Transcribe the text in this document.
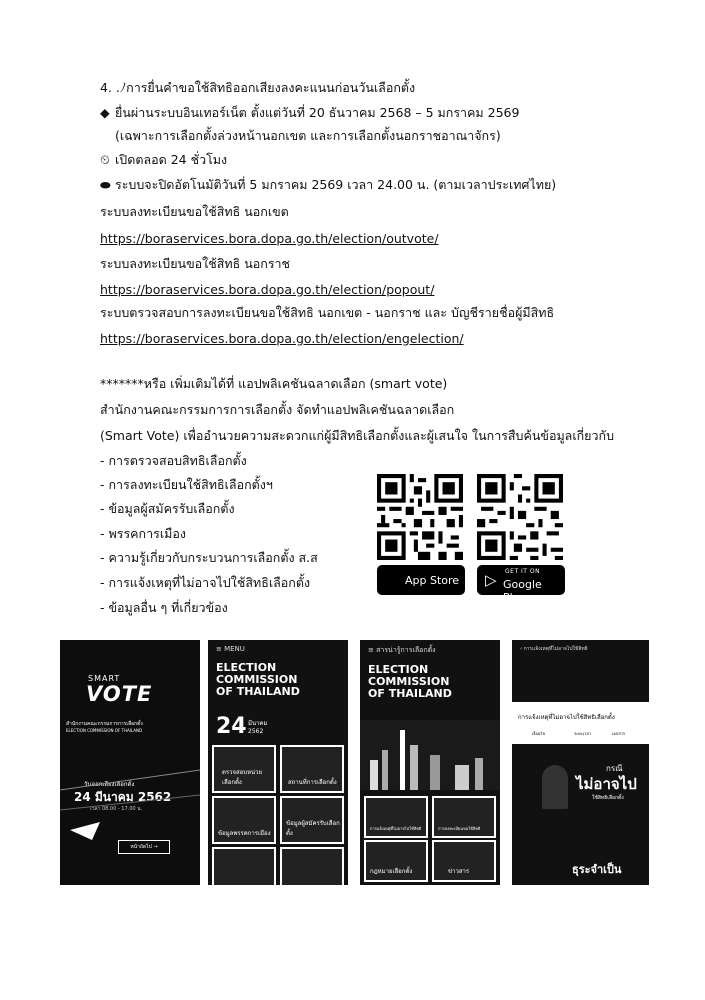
4. .ﾉการยื่นคำขอใช้สิทธิออกเสียงลงคะแนนก่อนวันเลือกตั้ง
◆ ยื่นผ่านระบบอินเทอร์เน็ต ตั้งแต่วันที่ 20 ธันวาคม 2568 – 5 มกราคม 2569
(เฉพาะการเลือกตั้งล่วงหน้านอกเขต และการเลือกตั้งนอกราชอาณาจักร)
⏲ เปิดตลอด 24 ชั่วโมง
⬬ ระบบจะปิดอัตโนมัติวันที่ 5 มกราคม 2569 เวลา 24.00 น. (ตามเวลาประเทศไทย)
ระบบลงทะเบียนขอใช้สิทธิ นอกเขต
https://boraservices.bora.dopa.go.th/election/outvote/
ระบบลงทะเบียนขอใช้สิทธิ นอกราช
https://boraservices.bora.dopa.go.th/election/popout/
ระบบตรวจสอบการลงทะเบียนขอใช้สิทธิ นอกเขต - นอกราช และ บัญชีรายชื่อผู้มีสิทธิ
https://boraservices.bora.dopa.go.th/election/engelection/
*******หรือ เพิ่มเติมได้ที่ แอปพลิเคชันฉลาดเลือก (smart vote)
สำนักงานคณะกรรมการการเลือกตั้ง จัดทำแอปพลิเคชันฉลาดเลือก
(Smart Vote) เพื่ออำนวยความสะดวกแก่ผู้มีสิทธิเลือกตั้งและผู้เสนใจ ในการสืบค้นข้อมูลเกี่ยวกับ
- การตรวจสอบสิทธิเลือกตั้ง
- การลงทะเบียนใช้สิทธิเลือกตั้งฯ
- ข้อมูลผู้สมัครรับเลือกตั้ง
- พรรคการเมือง
- ความรู้เกี่ยวกับกระบวนการเลือกตั้ง ส.ส
- การแจ้งเหตุที่ไม่อาจไปใช้สิทธิเลือกตั้ง
- ข้อมูลอื่น ๆ ที่เกี่ยวข้อง
App Store ▷ GET IT ON
Google Play
SMART
VOTE
สำนักงานคณะกรรมการการเลือกตั้ง
ELECTION COMMISSION OF THAILAND
วันออกเสียงเลือกตั้ง
24 มีนาคม 2562
เวลา 08.00 - 17.00 น.
หน้าถัดไป →
≡ MENU
ELECTION
COMMISSION
OF THAILAND
24 มีนาคม
2562
ตรวจสอบหน่วยเลือกตั้ง	สถานที่การเลือกตั้ง
ข้อมูลพรรคการเมือง
ข้อมูลผู้สมัครรับเลือกตั้ง
≡ สารน่ารู้การเลือกตั้ง
ELECTION
COMMISSION
OF THAILAND
การแจ้งเหตุที่ไม่อาจไปใช้สิทธิ	การลงทะเบียนขอใช้สิทธิ
กฎหมายเลือกตั้ง	ข่าวสาร
‹ การแจ้งเหตุที่ไม่อาจไปใช้สิทธิ
การแจ้งเหตุที่ไม่อาจไปใช้สิทธิเลือกตั้ง
เงื่อนไข	ระยะเวลา	เอกสาร
กรณี
ไม่อาจไป
ใช้สิทธิเลือกตั้ง
ธุระจำเป็น
